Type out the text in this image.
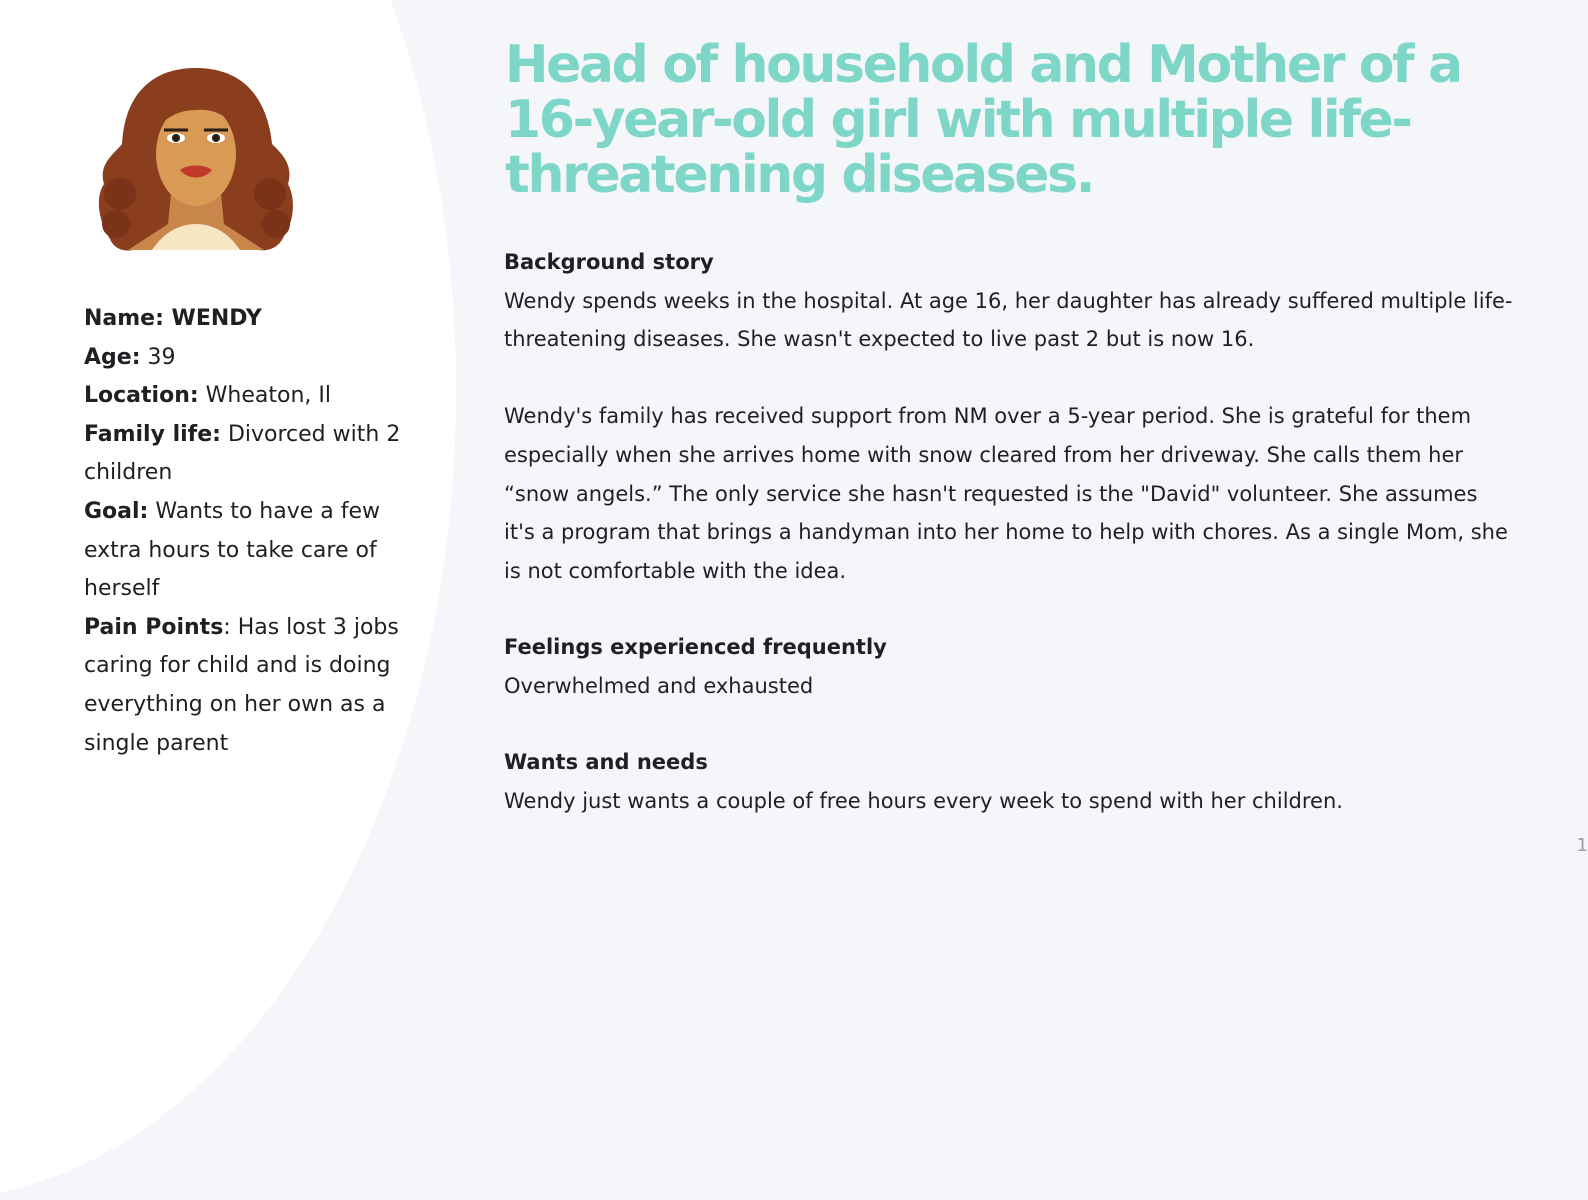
Name: WENDY

Age: 39

Location: Wheaton, Il

Family life: Divorced with 2 children

Goal: Wants to have a few extra hours to take care of herself

Pain Points: Has lost 3 jobs caring for child and is doing everything on her own as a single parent

Head of household and Mother of a 16-year-old girl with multiple life-threatening diseases.
Background story

Wendy spends weeks in the hospital. At age 16, her daughter has already suffered multiple life-threatening diseases. She wasn't expected to live past 2 but is now 16.

Wendy's family has received support from NM over a 5-year period. She is grateful for them especially when she arrives home with snow cleared from her driveway. She calls them her “snow angels.” The only service she hasn't requested is the "David" volunteer. She assumes it's a program that brings a handyman into her home to help with chores. As a single Mom, she is not comfortable with the idea.

Feelings experienced frequently

Overwhelmed and exhausted

Wants and needs

Wendy just wants a couple of free hours every week to spend with her children.

1
